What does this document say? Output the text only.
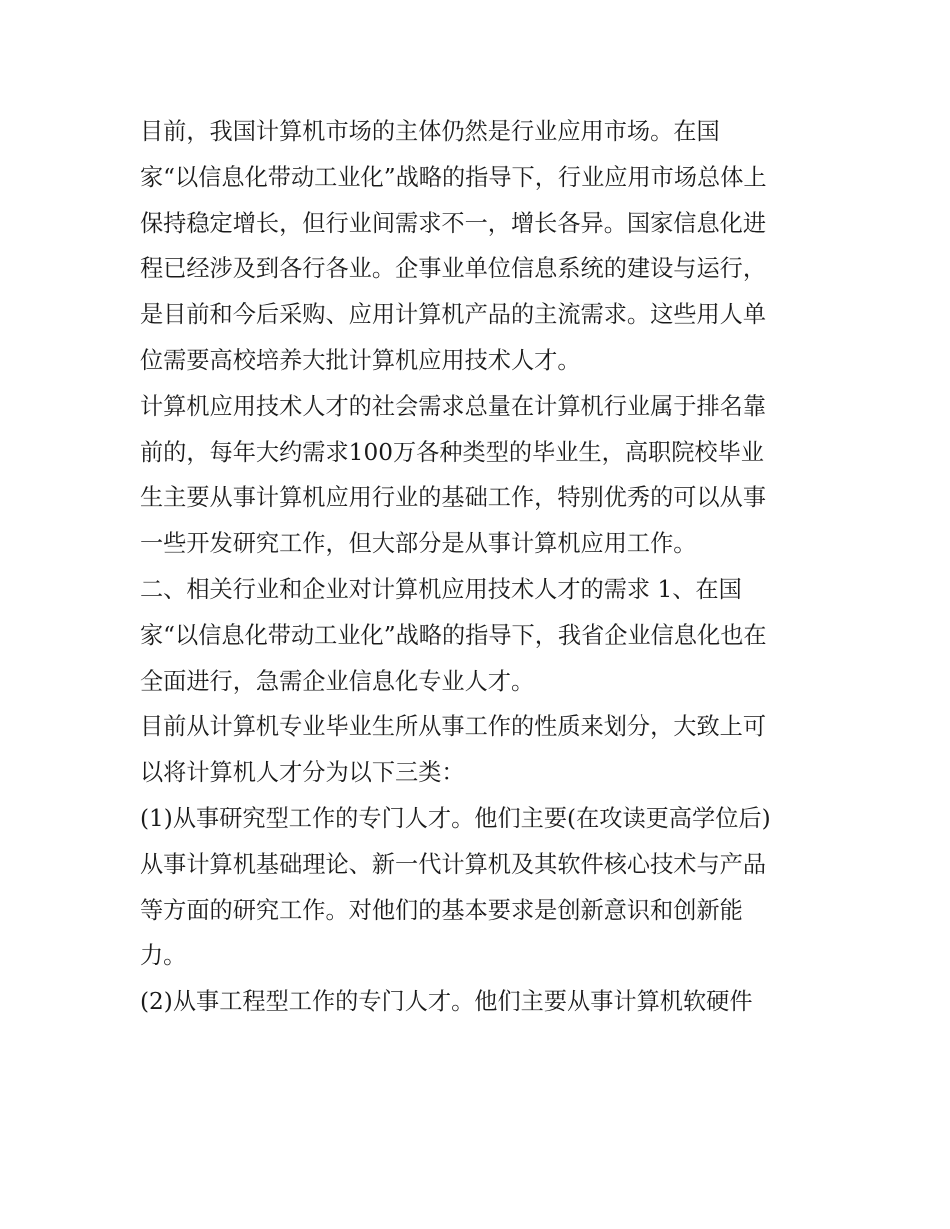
目前，我国计算机市场的主体仍然是行业应用市场。在国
家“以信息化带动工业化”战略的指导下，行业应用市场总体上
保持稳定增长，但行业间需求不一，增长各异。国家信息化进
程已经涉及到各行各业。企事业单位信息系统的建设与运行，
是目前和今后采购、应用计算机产品的主流需求。这些用人单
位需要高校培养大批计算机应用技术人才。
计算机应用技术人才的社会需求总量在计算机行业属于排名靠
前的，每年大约需求100万各种类型的毕业生，高职院校毕业
生主要从事计算机应用行业的基础工作，特别优秀的可以从事
一些开发研究工作，但大部分是从事计算机应用工作。
二、相关行业和企业对计算机应用技术人才的需求 1、在国
家“以信息化带动工业化”战略的指导下，我省企业信息化也在
全面进行，急需企业信息化专业人才。
目前从计算机专业毕业生所从事工作的性质来划分，大致上可
以将计算机人才分为以下三类：
(1)从事研究型工作的专门人才。他们主要(在攻读更高学位后)
从事计算机基础理论、新一代计算机及其软件核心技术与产品
等方面的研究工作。对他们的基本要求是创新意识和创新能
力。
(2)从事工程型工作的专门人才。他们主要从事计算机软硬件
